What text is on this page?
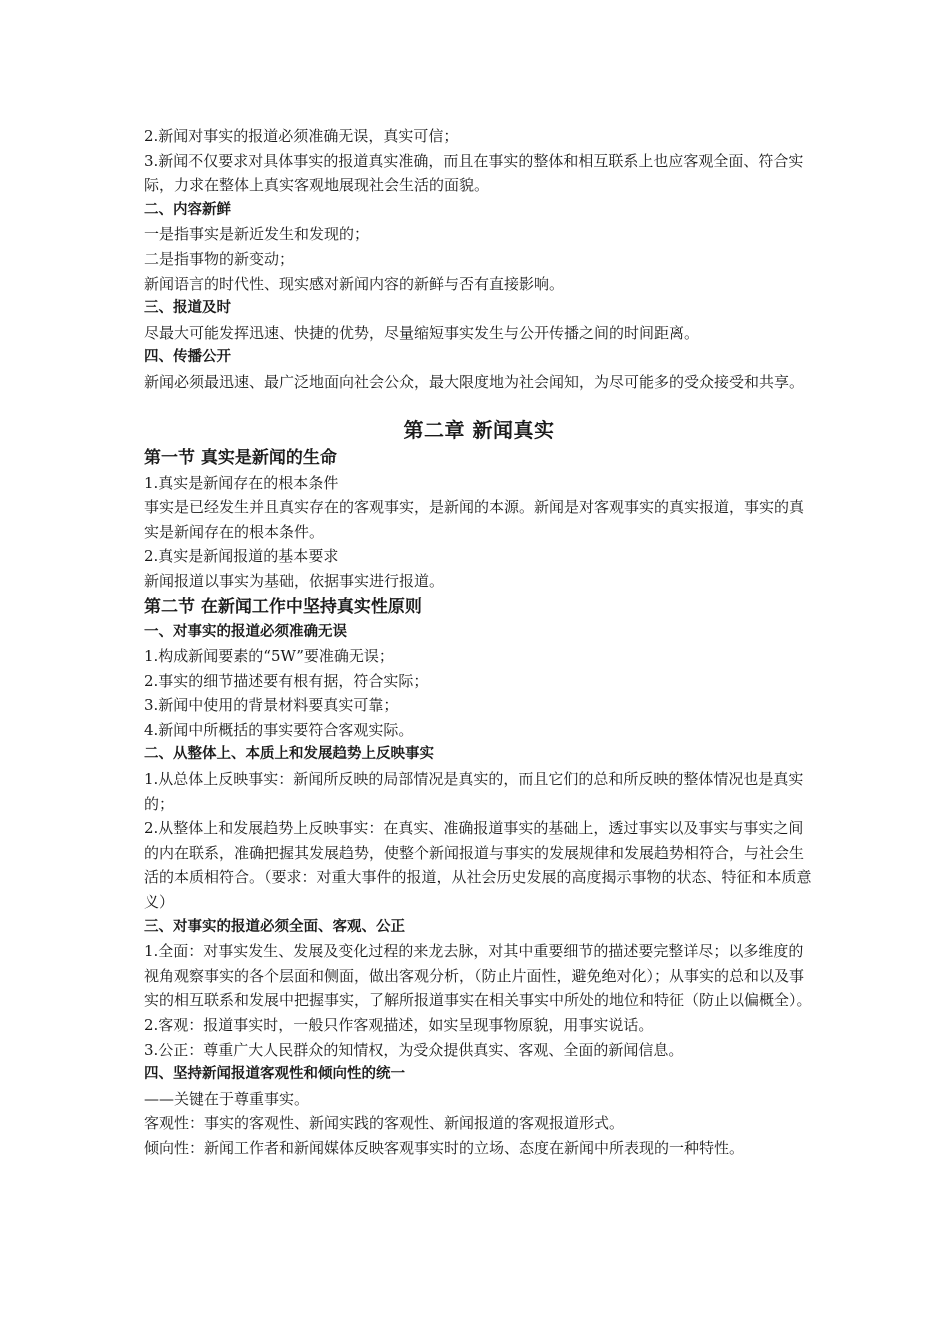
2.新闻对事实的报道必须准确无误，真实可信；

3.新闻不仅要求对具体事实的报道真实准确，而且在事实的整体和相互联系上也应客观全面、符合实际，力求在整体上真实客观地展现社会生活的面貌。

二、内容新鲜

一是指事实是新近发生和发现的；

二是指事物的新变动；

新闻语言的时代性、现实感对新闻内容的新鲜与否有直接影响。

三、报道及时

尽最大可能发挥迅速、快捷的优势，尽量缩短事实发生与公开传播之间的时间距离。

四、传播公开

新闻必须最迅速、最广泛地面向社会公众，最大限度地为社会闻知，为尽可能多的受众接受和共享。

第二章 新闻真实

第一节 真实是新闻的生命

1.真实是新闻存在的根本条件

事实是已经发生并且真实存在的客观事实，是新闻的本源。新闻是对客观事实的真实报道，事实的真实是新闻存在的根本条件。

2.真实是新闻报道的基本要求

新闻报道以事实为基础，依据事实进行报道。

第二节 在新闻工作中坚持真实性原则

一、对事实的报道必须准确无误

1.构成新闻要素的“5W”要准确无误；

2.事实的细节描述要有根有据，符合实际；

3.新闻中使用的背景材料要真实可靠；

4.新闻中所概括的事实要符合客观实际。

二、从整体上、本质上和发展趋势上反映事实

1.从总体上反映事实：新闻所反映的局部情况是真实的，而且它们的总和所反映的整体情况也是真实的；

2.从整体上和发展趋势上反映事实：在真实、准确报道事实的基础上，透过事实以及事实与事实之间的内在联系，准确把握其发展趋势，使整个新闻报道与事实的发展规律和发展趋势相符合，与社会生活的本质相符合。（要求：对重大事件的报道，从社会历史发展的高度揭示事物的状态、特征和本质意义）

三、对事实的报道必须全面、客观、公正

1.全面：对事实发生、发展及变化过程的来龙去脉，对其中重要细节的描述要完整详尽；以多维度的视角观察事实的各个层面和侧面，做出客观分析，（防止片面性，避免绝对化）；从事实的总和以及事实的相互联系和发展中把握事实，了解所报道事实在相关事实中所处的地位和特征（防止以偏概全）。

2.客观：报道事实时，一般只作客观描述，如实呈现事物原貌，用事实说话。

3.公正：尊重广大人民群众的知情权，为受众提供真实、客观、全面的新闻信息。

四、坚持新闻报道客观性和倾向性的统一

——关键在于尊重事实。

客观性：事实的客观性、新闻实践的客观性、新闻报道的客观报道形式。

倾向性：新闻工作者和新闻媒体反映客观事实时的立场、态度在新闻中所表现的一种特性。
